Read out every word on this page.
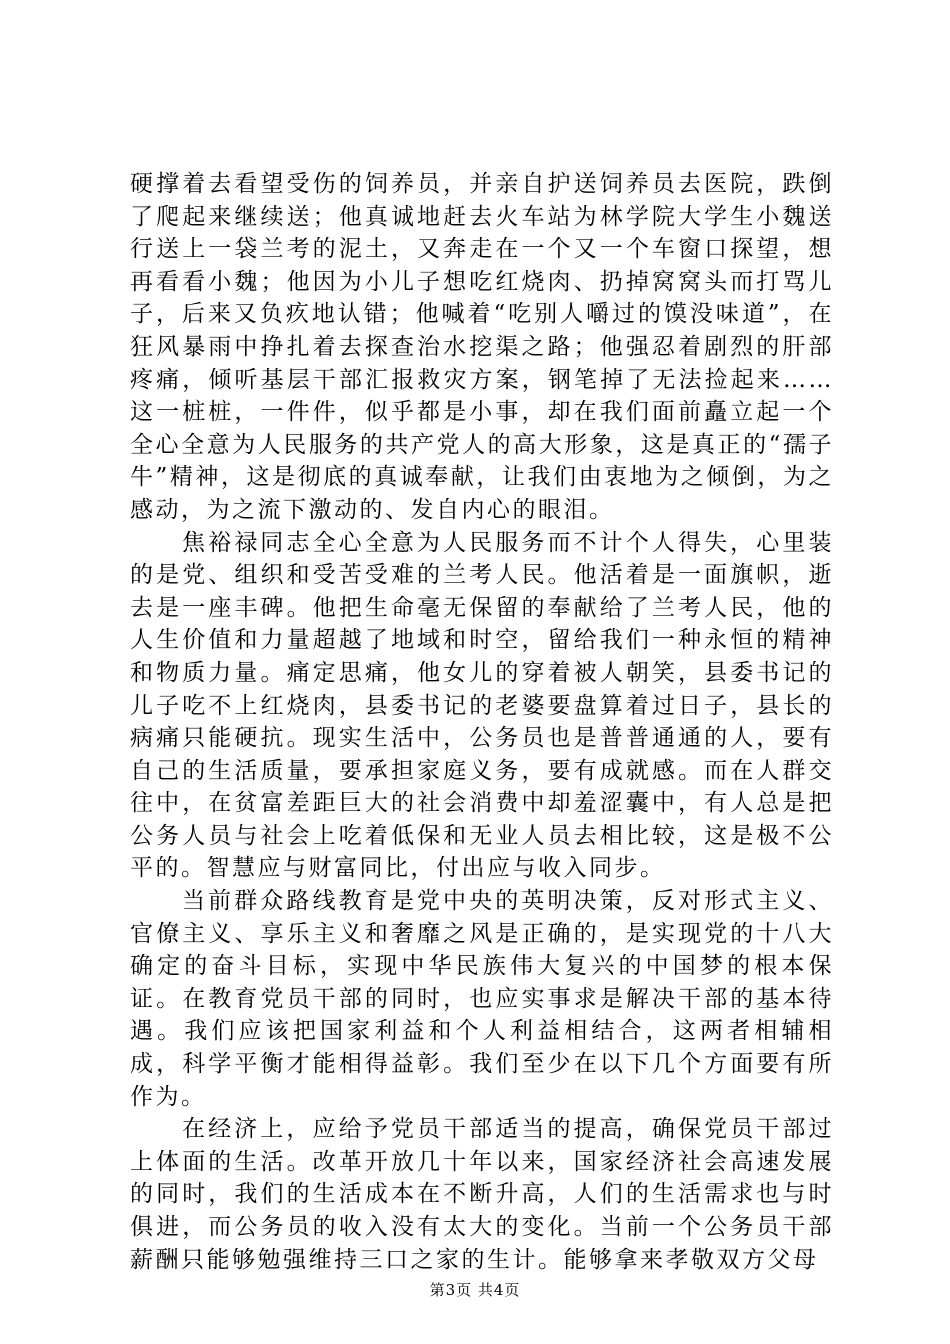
硬撑着去看望受伤的饲养员，并亲自护送饲养员去医院，跌倒了爬起来继续送；他真诚地赶去火车站为林学院大学生小魏送行送上一袋兰考的泥土，又奔走在一个又一个车窗口探望，想再看看小魏；他因为小儿子想吃红烧肉、扔掉窝窝头而打骂儿子，后来又负疚地认错；他喊着“吃别人嚼过的馍没味道”，在狂风暴雨中挣扎着去探查治水挖渠之路；他强忍着剧烈的肝部疼痛，倾听基层干部汇报救灾方案，钢笔掉了无法捡起来……这一桩桩，一件件，似乎都是小事，却在我们面前矗立起一个全心全意为人民服务的共产党人的高大形象，这是真正的“孺子牛”精神，这是彻底的真诚奉献，让我们由衷地为之倾倒，为之感动，为之流下激动的、发自内心的眼泪。

焦裕禄同志全心全意为人民服务而不计个人得失，心里装的是党、组织和受苦受难的兰考人民。他活着是一面旗帜，逝去是一座丰碑。他把生命毫无保留的奉献给了兰考人民，他的人生价值和力量超越了地域和时空，留给我们一种永恒的精神和物质力量。痛定思痛，他女儿的穿着被人朝笑，县委书记的儿子吃不上红烧肉，县委书记的老婆要盘算着过日子，县长的病痛只能硬抗。现实生活中，公务员也是普普通通的人，要有自己的生活质量，要承担家庭义务，要有成就感。而在人群交往中，在贫富差距巨大的社会消费中却羞涩囊中，有人总是把公务人员与社会上吃着低保和无业人员去相比较，这是极不公平的。智慧应与财富同比，付出应与收入同步。

当前群众路线教育是党中央的英明决策，反对形式主义、官僚主义、享乐主义和奢靡之风是正确的，是实现党的十八大确定的奋斗目标，实现中华民族伟大复兴的中国梦的根本保证。在教育党员干部的同时，也应实事求是解决干部的基本待遇。我们应该把国家利益和个人利益相结合，这两者相辅相成，科学平衡才能相得益彰。我们至少在以下几个方面要有所作为。

在经济上，应给予党员干部适当的提高，确保党员干部过上体面的生活。改革开放几十年以来，国家经济社会高速发展的同时，我们的生活成本在不断升高，人们的生活需求也与时俱进，而公务员的收入没有太大的变化。当前一个公务员干部薪酬只能够勉强维持三口之家的生计。能够拿来孝敬双方父母

第3页 共4页
